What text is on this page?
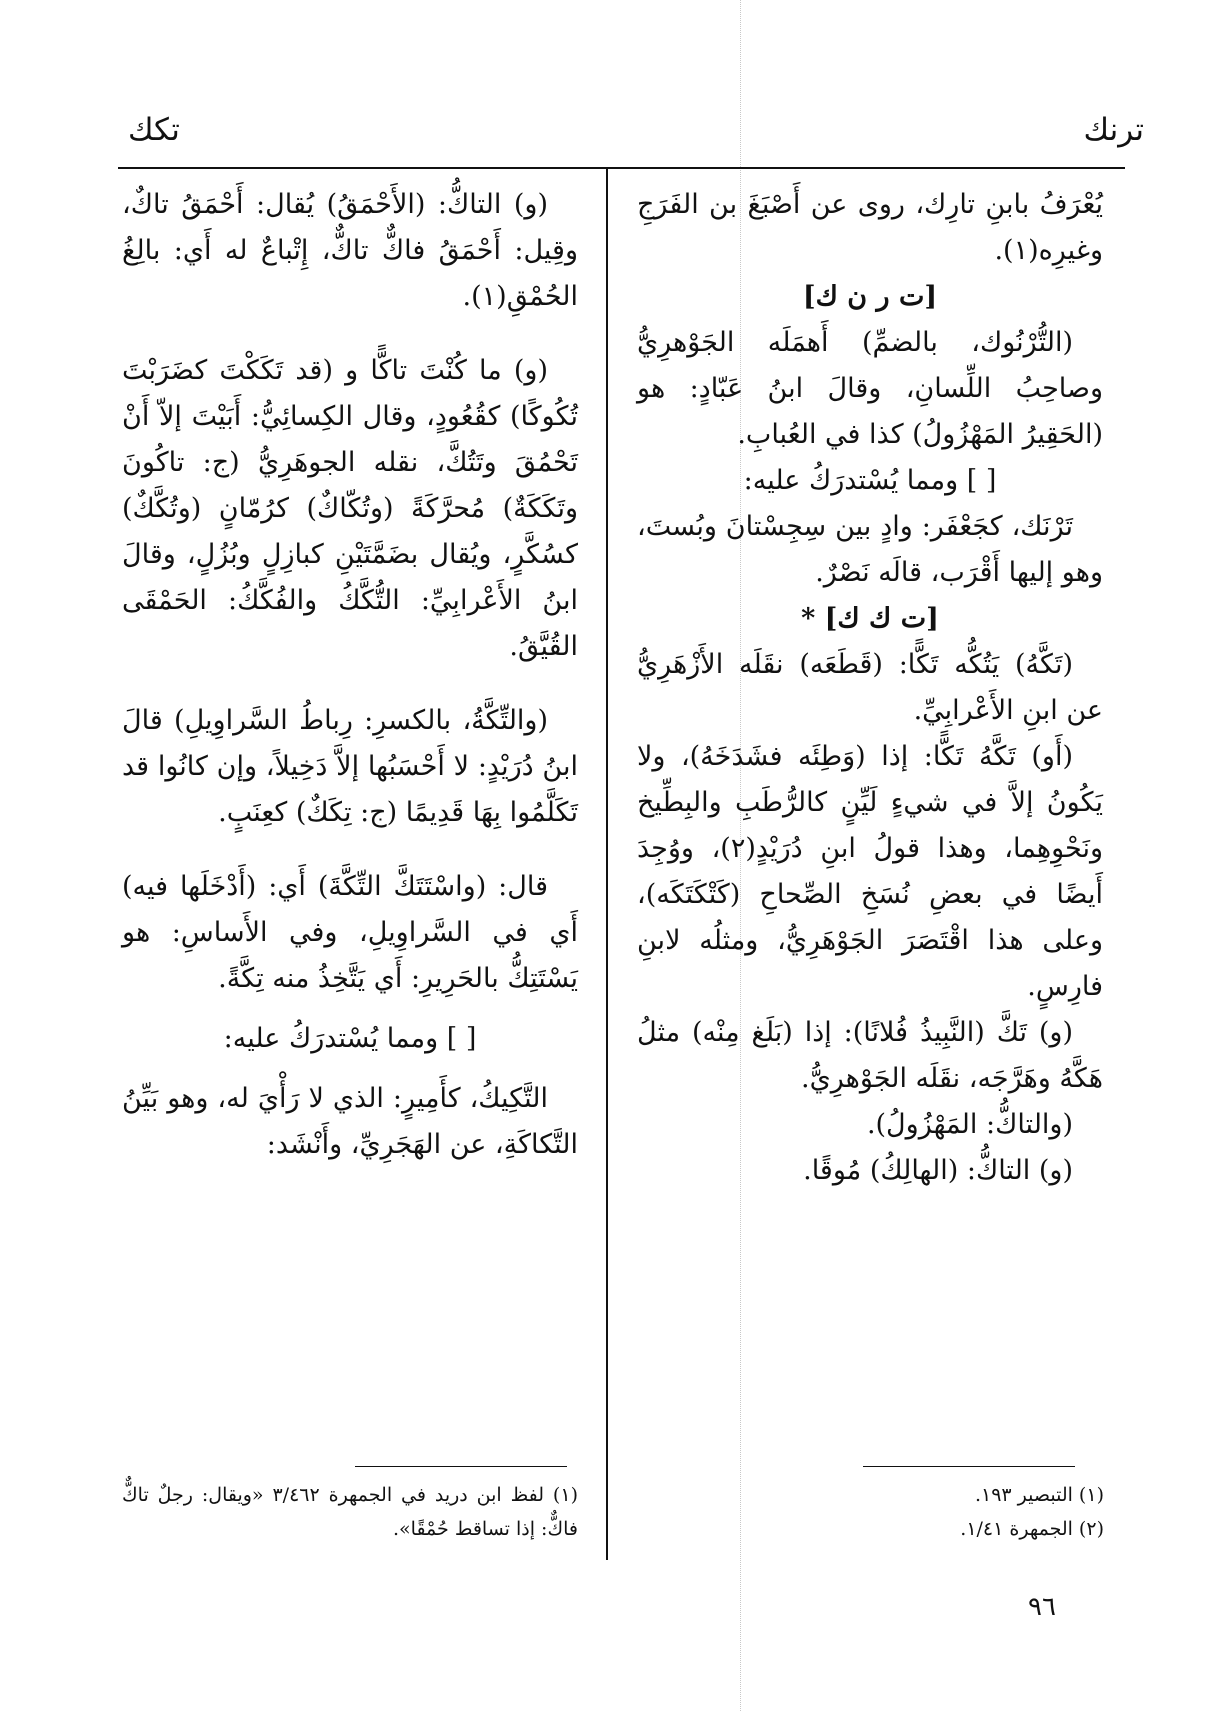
ترنك
تكك

يُعْرَفُ بابنِ تارِك، روى عن أَصْبَغَ بن الفَرَجِ وغيرِه(١).

[ت ر ن ك]

(التُّرْنُوك، بالضمِّ) أَهمَلَه الجَوْهرِيُّ وصاحِبُ اللِّسانِ، وقالَ ابنُ عَبّادٍ: هو (الحَقِيرُ المَهْزُولُ) كذا في العُبابِ.

[ ] ومما يُسْتدرَكُ عليه:

تَرْنَك، كجَعْفَر: وادٍ بين سِجِسْتانَ وبُستَ، وهو إليها أَقْرَب، قالَه نَصْرٌ.

[ت ك ك] *

(تَكَّهُ) يَتُكُّه تَكًّا: (قَطَعَه) نقَلَه الأَزْهَرِيُّ عن ابنِ الأَعْرابِيِّ.

(أَو) تَكَّهُ تَكًّا: إذا (وَطِئَه فشَدَخَهُ)، ولا يَكُونُ إلاَّ في شيءٍ لَيِّنٍ كالرُّطَبِ والبِطِّيخ ونَحْوِهِما، وهذا قولُ ابنِ دُرَيْدٍ(٢)، ووُجِدَ أَيضًا في بعضِ نُسَخِ الصِّحاحِ (كَتْكَتَكَه)، وعلى هذا اقْتَصَرَ الجَوْهَرِيُّ، ومثلُه لابنِ فارِسٍ.

(و) تَكَّ (النَّبِيذُ فُلانًا): إذا (بَلَغ مِنْه) مثلُ هَكَّهُ وهَرَّجَه، نقَلَه الجَوْهرِيُّ.

(والتاكُّ: المَهْزُولُ).

(و) التاكُّ: (الهالِكُ) مُوقًا.

(و) التاكُّ: (الأَحْمَقُ) يُقال: أَحْمَقُ تاكٌ، وقِيل: أَحْمَقُ فاكٌّ تاكٌّ، إِتْباعٌ له أَي: بالِغُ الحُمْقِ(١).

(و) ما كُنْتَ تاكًّا و (قد تَكَكْتَ كضَرَبْتَ تُكُوكًا) كقُعُودٍ، وقال الكِسائِيُّ: أَبَيْتَ إلاّ أَنْ تَحْمُقَ وتَتُكَّ، نقله الجوهَرِيُّ (ج: تاكُونَ وتَكَكَةٌ) مُحرَّكَةً (وتُكّاكٌ) كرُمّانٍ (وتُكَّكٌ) كسُكَّرٍ، ويُقال بضَمَّتَيْنِ كبازِلٍ وبُزُلٍ، وقالَ ابنُ الأَعْرابِيِّ: التُّكَّكُ والفُكَّكُ: الحَمْقَى القُيَّقُ.

(والتِّكَّةُ، بالكسرِ: رِباطُ السَّراوِيلِ) قالَ ابنُ دُرَيْدٍ: لا أَحْسَبُها إلاَّ دَخِيلاً، وإن كانُوا قد تَكَلَّمُوا بِهَا قَدِيمًا (ج: تِكَكٌ) كعِنَبٍ.

قال: (واسْتَتَكَّ التِّكَّةَ) أَي: (أَدْخَلَها فيه) أَي في السَّراوِيلِ، وفي الأَساسِ: هو يَسْتَتِكُّ بالحَرِيرِ: أَي يَتَّخِذُ منه تِكَّةً.

[ ] ومما يُسْتدرَكُ عليه:

التَّكِيكُ، كأَمِيرٍ: الذي لا رَأْيَ له، وهو بَيِّنُ التَّكاكَةِ، عن الهَجَرِيِّ، وأَنْشَد:

(١) التبصير ١٩٣.

(٢) الجمهرة ١/٤١.

(١) لفظ ابن دريد في الجمهرة ٣/٤٦٢ «ويقال: رجلٌ تاكٌّ فاكٌّ: إذا تساقط حُمْقًا».

٩٦
